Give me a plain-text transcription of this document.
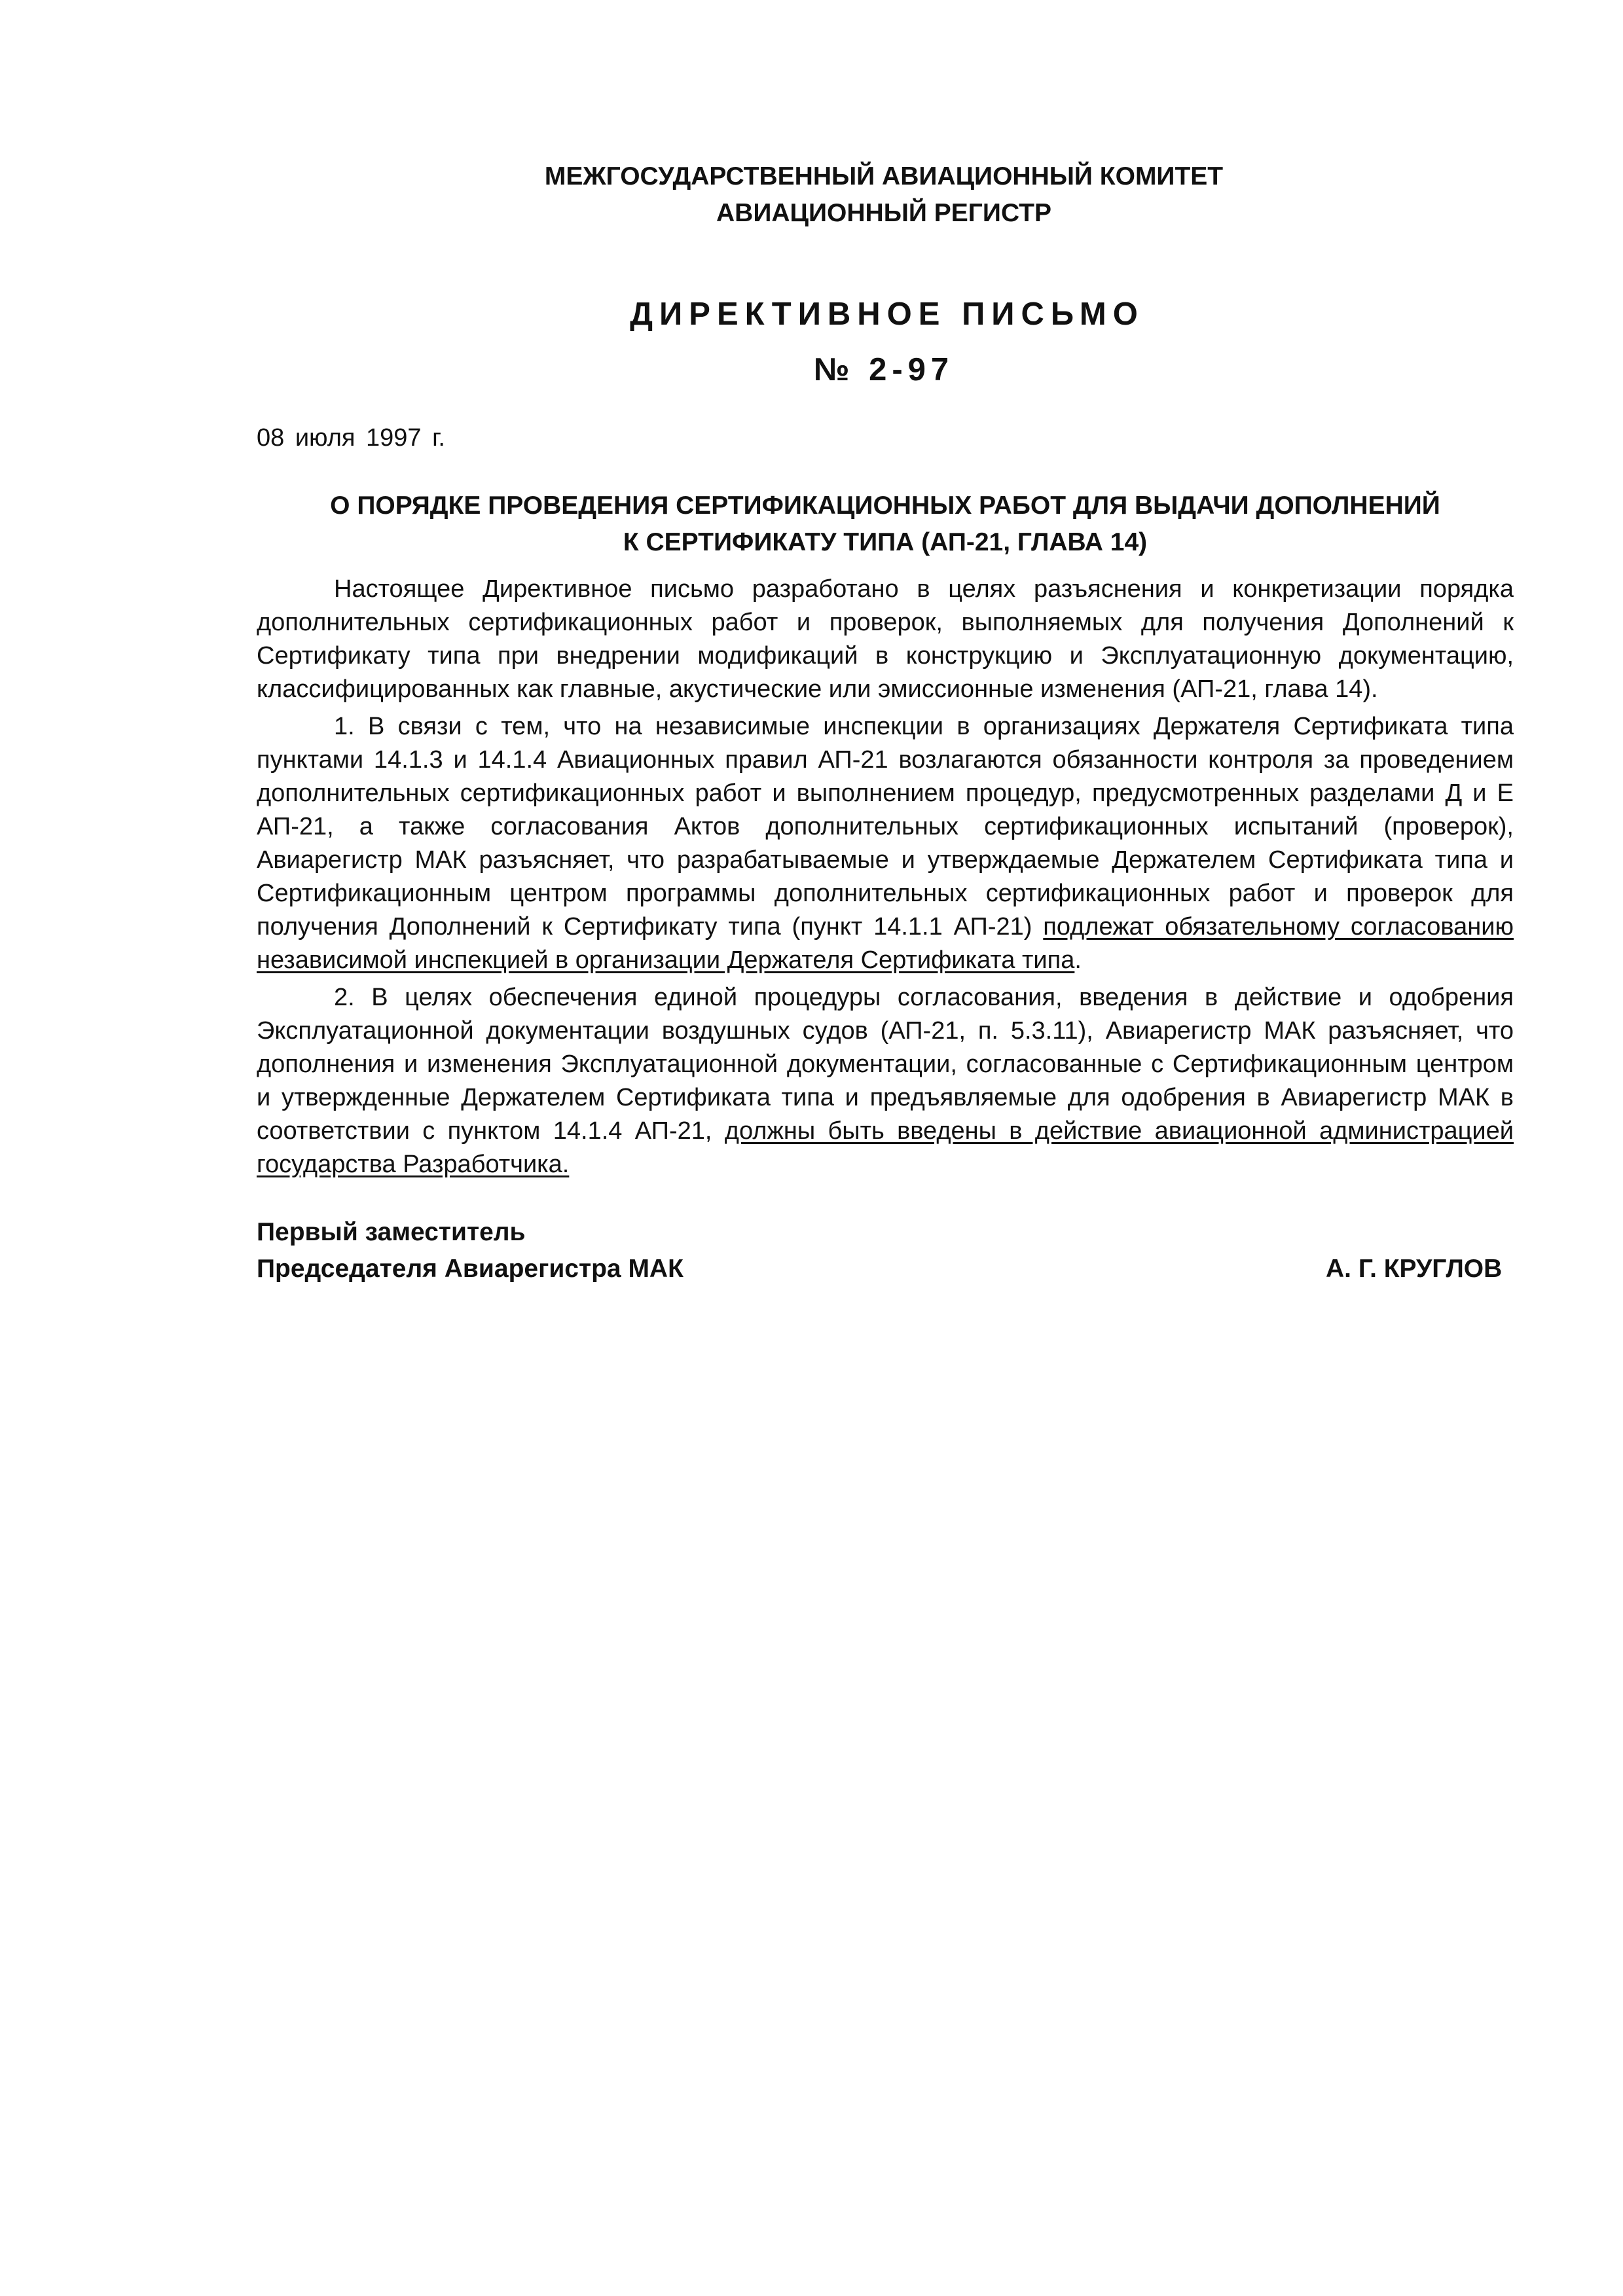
МЕЖГОСУДАРСТВЕННЫЙ АВИАЦИОННЫЙ КОМИТЕТ
АВИАЦИОННЫЙ РЕГИСТР
ДИРЕКТИВНОЕ ПИСЬМО
№ 2-97
08 июля 1997 г.
О ПОРЯДКЕ ПРОВЕДЕНИЯ СЕРТИФИКАЦИОННЫХ РАБОТ ДЛЯ ВЫДАЧИ ДОПОЛНЕНИЙ
К СЕРТИФИКАТУ ТИПА (АП-21, ГЛАВА 14)

Настоящее Директивное письмо разработано в целях разъяснения и конкретизации порядка дополнительных сертификационных работ и проверок, выполняемых для получения Дополнений к Сертификату типа при внедрении модификаций в конструкцию и Эксплуатационную документацию, классифицированных как главные, акустические или эмиссионные изменения (АП-21, глава 14).

1. В связи с тем, что на независимые инспекции в организациях Держателя Сертификата типа пунктами 14.1.3 и 14.1.4 Авиационных правил АП-21 возлагаются обязанности контроля за проведением дополнительных сертификационных работ и выполнением процедур, предусмотренных разделами Д и Е АП-21, а также согласования Актов дополнительных сертификационных испытаний (проверок), Авиарегистр МАК разъясняет, что разрабатываемые и утверждаемые Держателем Сертификата типа и Сертификационным центром программы дополнительных сертификационных работ и проверок для получения Дополнений к Сертификату типа (пункт 14.1.1 АП-21) подлежат обязательному согласованию независимой инспекцией в организации Держателя Сертификата типа.

2. В целях обеспечения единой процедуры согласования, введения в действие и одобрения Эксплуатационной документации воздушных судов (АП-21, п. 5.3.11), Авиарегистр МАК разъясняет, что дополнения и изменения Эксплуатационной документации, согласованные с Сертификационным центром и утвержденные Держателем Сертификата типа и предъявляемые для одобрения в Авиарегистр МАК в соответствии с пунктом 14.1.4 АП-21, должны быть введены в действие авиационной администрацией государства Разработчика.

Первый заместитель
Председателя Авиарегистра МАК	А. Г. КРУГЛОВ
